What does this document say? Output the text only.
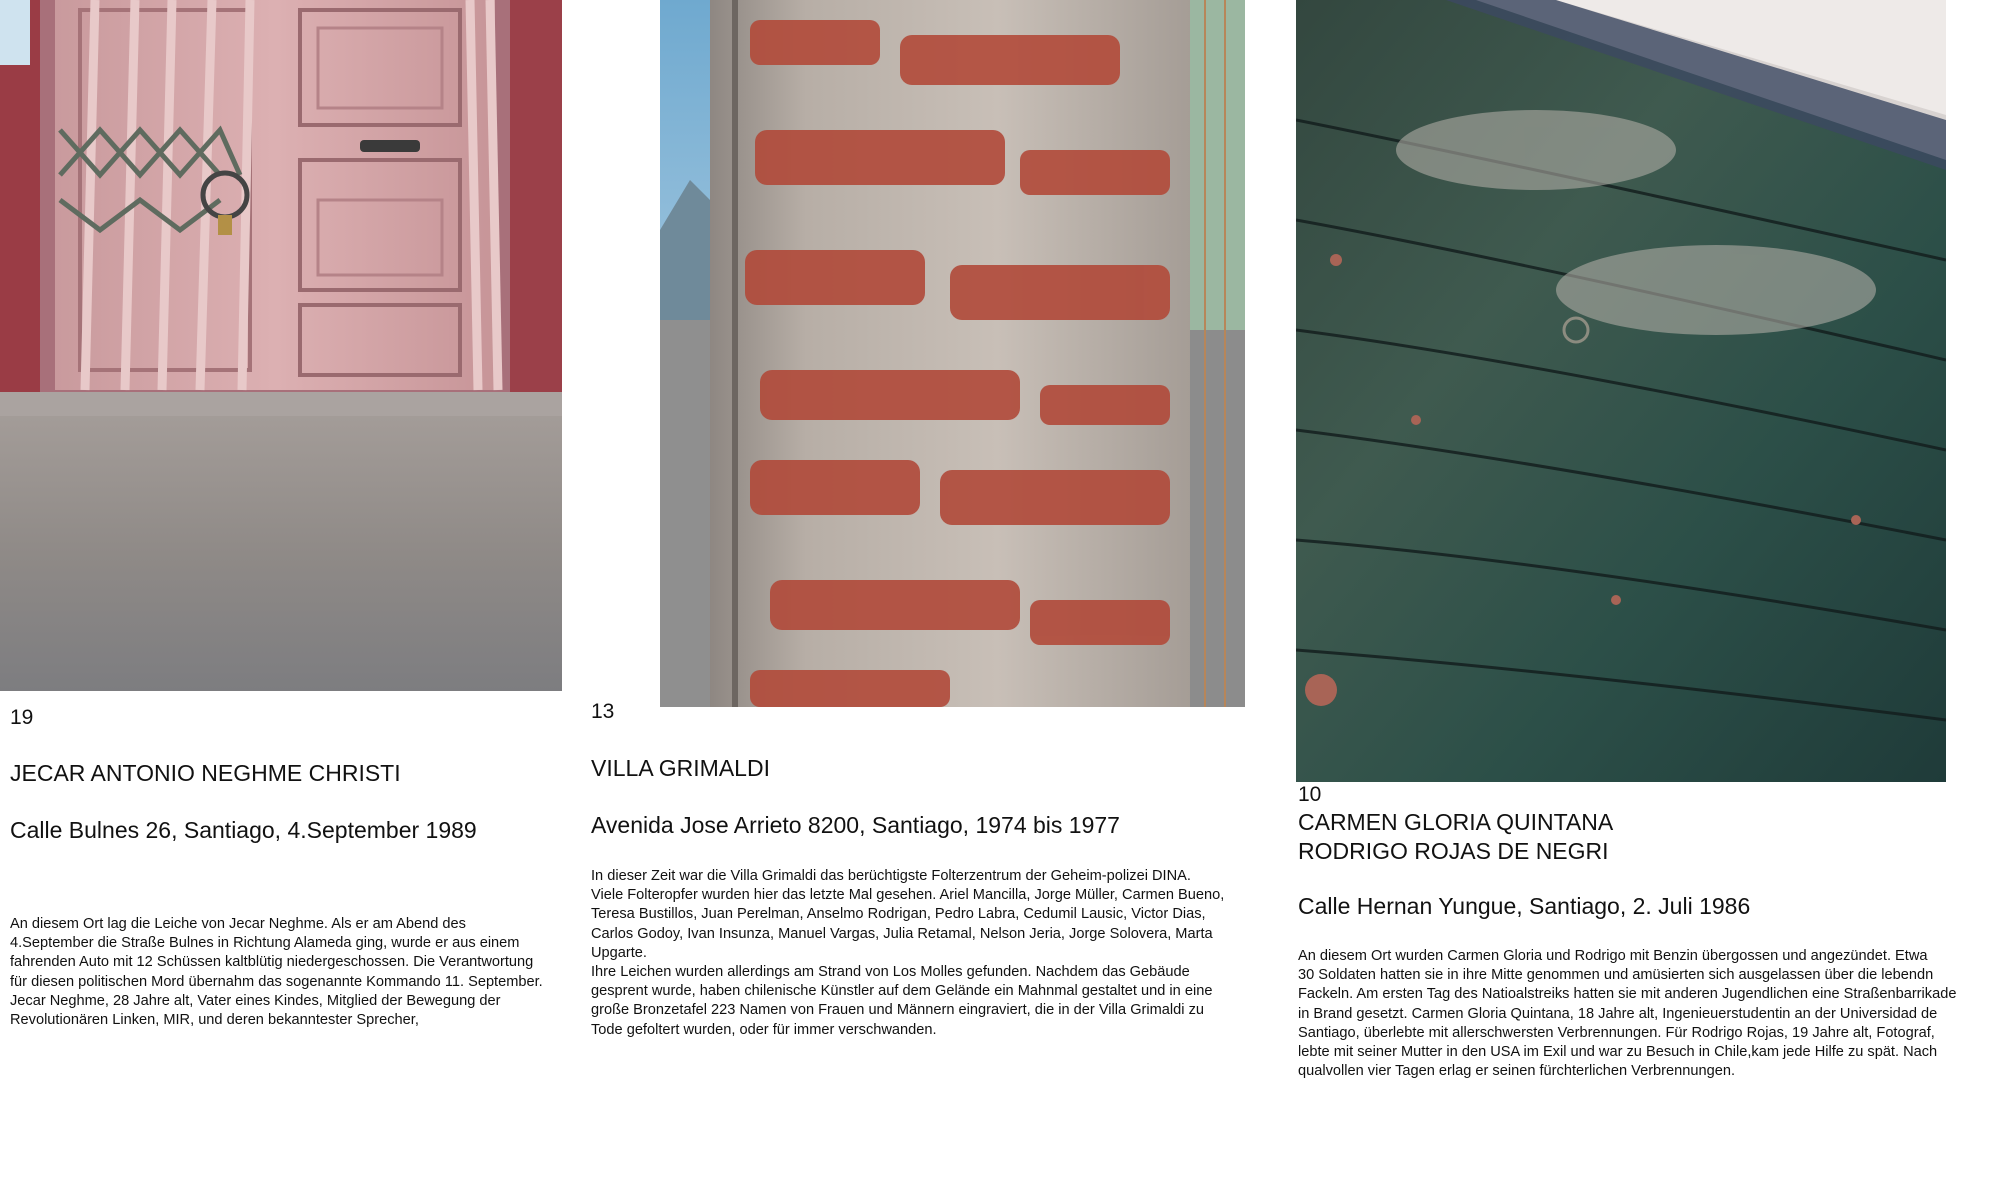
19
JECAR ANTONIO NEGHME CHRISTI
Calle Bulnes 26, Santiago, 4.September 1989
An diesem Ort lag die Leiche von Jecar Neghme. Als er am Abend des
4.September die Straße Bulnes in Richtung Alameda ging, wurde er aus einem
fahrenden Auto mit 12 Schüssen kaltblütig niedergeschossen. Die Verantwortung
für diesen politischen Mord übernahm das sogenannte Kommando 11. September.
Jecar Neghme, 28 Jahre alt, Vater eines Kindes, Mitglied der Bewegung der
Revolutionären Linken, MIR, und deren bekanntester Sprecher,
13
VILLA GRIMALDI
Avenida Jose Arrieto 8200, Santiago, 1974 bis 1977
In dieser Zeit war die Villa Grimaldi das berüchtigste Folterzentrum der Geheim-polizei DINA.
Viele Folteropfer wurden hier das letzte Mal gesehen. Ariel Mancilla, Jorge Müller, Carmen Bueno,
Teresa Bustillos, Juan Perelman, Anselmo Rodrigan, Pedro Labra, Cedumil Lausic, Victor Dias,
Carlos Godoy, Ivan Insunza, Manuel Vargas, Julia Retamal, Nelson Jeria, Jorge Solovera, Marta
Upgarte.
Ihre Leichen wurden allerdings am Strand von Los Molles gefunden. Nachdem das Gebäude
gesprent wurde, haben chilenische Künstler auf dem Gelände ein Mahnmal gestaltet und in eine
große Bronzetafel 223 Namen von Frauen und Männern eingraviert, die in der Villa Grimaldi zu
Tode gefoltert wurden, oder für immer verschwanden.
10
CARMEN GLORIA QUINTANA
RODRIGO ROJAS DE NEGRI
Calle Hernan Yungue, Santiago, 2. Juli 1986
An diesem Ort wurden Carmen Gloria und Rodrigo mit Benzin übergossen und angezündet. Etwa
30 Soldaten hatten sie in ihre Mitte genommen und amüsierten sich ausgelassen über die lebendn
Fackeln. Am ersten Tag des Natioalstreiks hatten sie mit anderen Jugendlichen eine Straßenbarrikade
in Brand gesetzt. Carmen Gloria Quintana, 18 Jahre alt, Ingenieuerstudentin an der Universidad de
Santiago, überlebte mit allerschwersten Verbrennungen. Für Rodrigo Rojas, 19 Jahre alt, Fotograf,
lebte mit seiner Mutter in den USA im Exil und war zu Besuch in Chile,kam jede Hilfe zu spät. Nach
qualvollen vier Tagen erlag er seinen fürchterlichen Verbrennungen.
